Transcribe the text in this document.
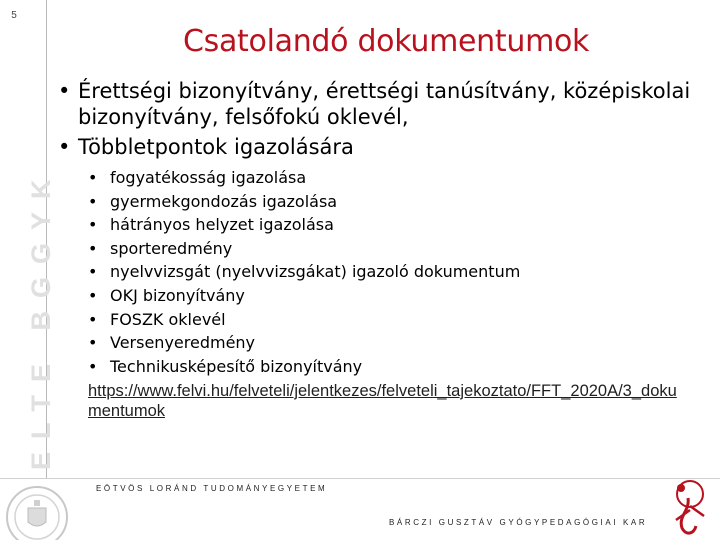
5
ELTE BGGYK
Csatolandó dokumentumok
• Érettségi bizonyítvány, érettségi tanúsítvány, középiskolai bizonyítvány, felsőfokú oklevél,
• Többletpontok igazolására
• fogyatékosság igazolása
• gyermekgondozás igazolása
• hátrányos helyzet igazolása
• sporteredmény
• nyelvvizsgát (nyelvvizsgákat) igazoló dokumentum
• OKJ bizonyítvány
• FOSZK oklevél
• Versenyeredmény
• Technikusképesítő bizonyítvány
https://www.felvi.hu/felveteli/jelentkezes/felveteli_tajekoztato/FFT_2020A/3_dokumentumok
EÖTVÖS LORÁND TUDOMÁNYEGYETEM
BÁRCZI GUSZTÁV GYÓGYPEDAGÓGIAI KAR
